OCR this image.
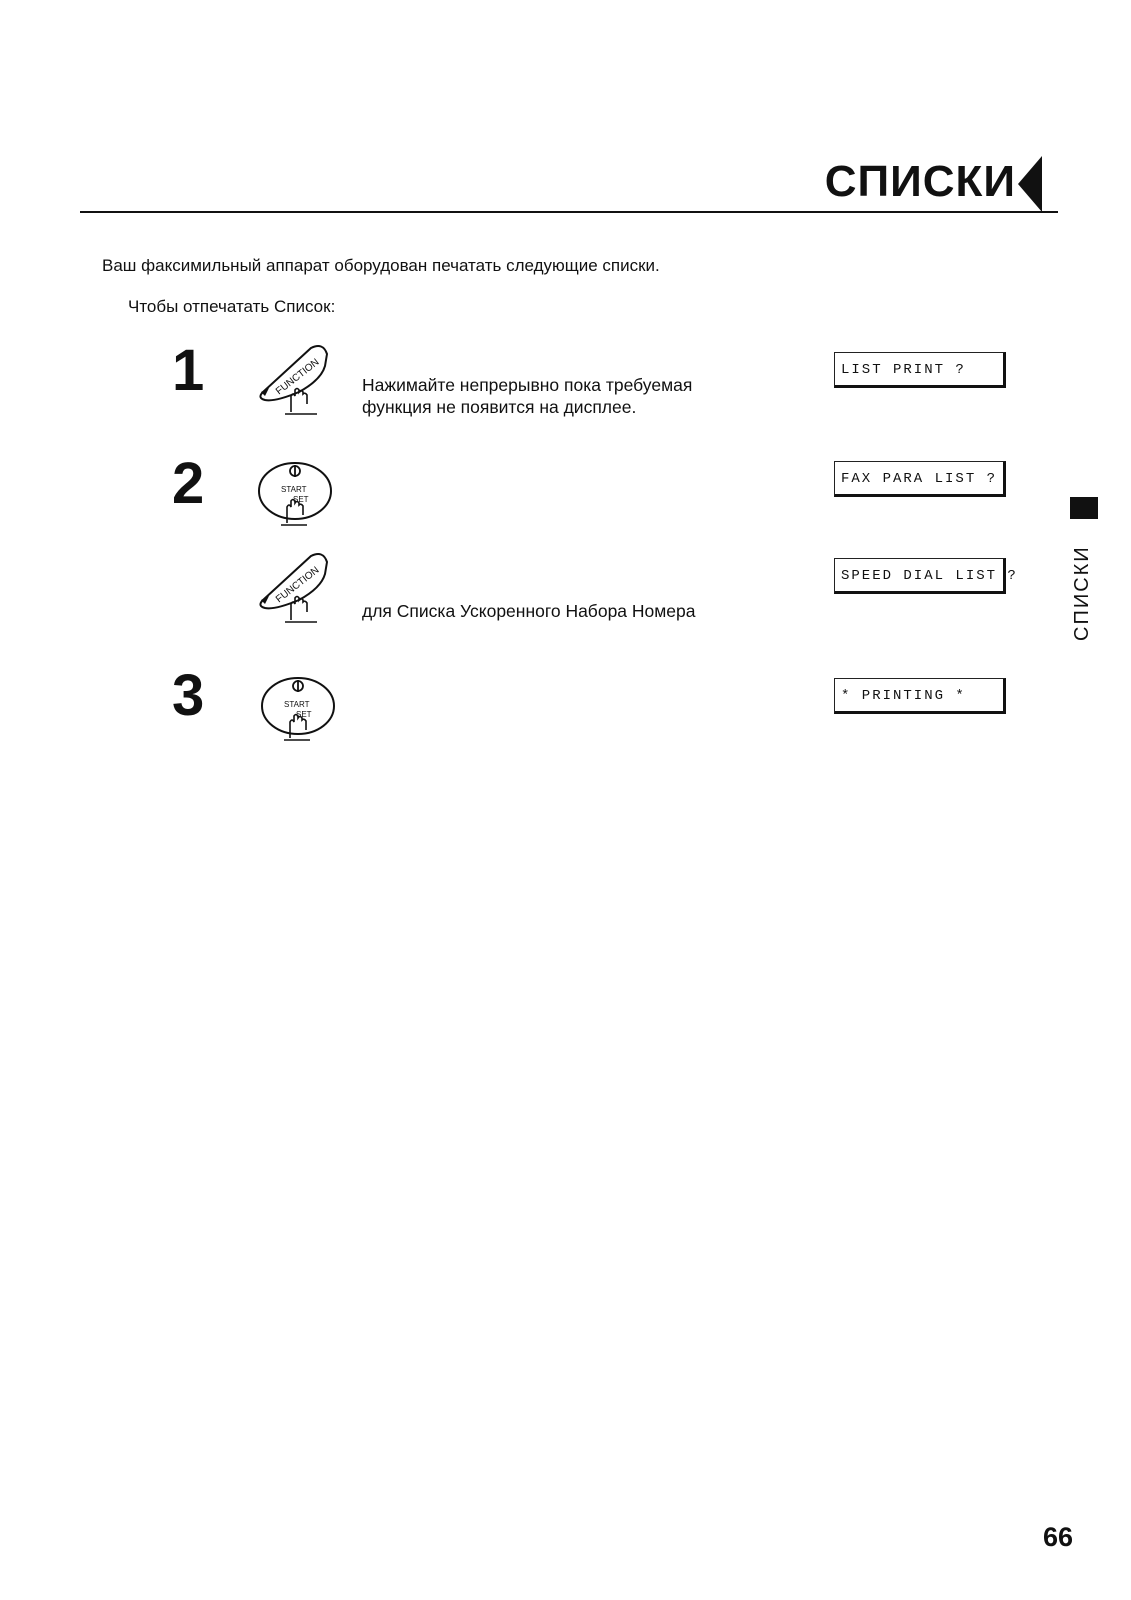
СПИСКИ
Ваш факсимильный аппарат оборудован печатать следующие списки.
Чтобы отпечатать Список:
1	FUNCTION Нажимайте непрерывно пока требуемая
функция не появится на дисплее.
LIST PRINT ?
2	START
SET
FAX PARA LIST ?
FUNCTION
для Списка Ускоренного Набора Номера
SPEED DIAL LIST ?
3	START
SET
* PRINTING *
СПИСКИ
66
